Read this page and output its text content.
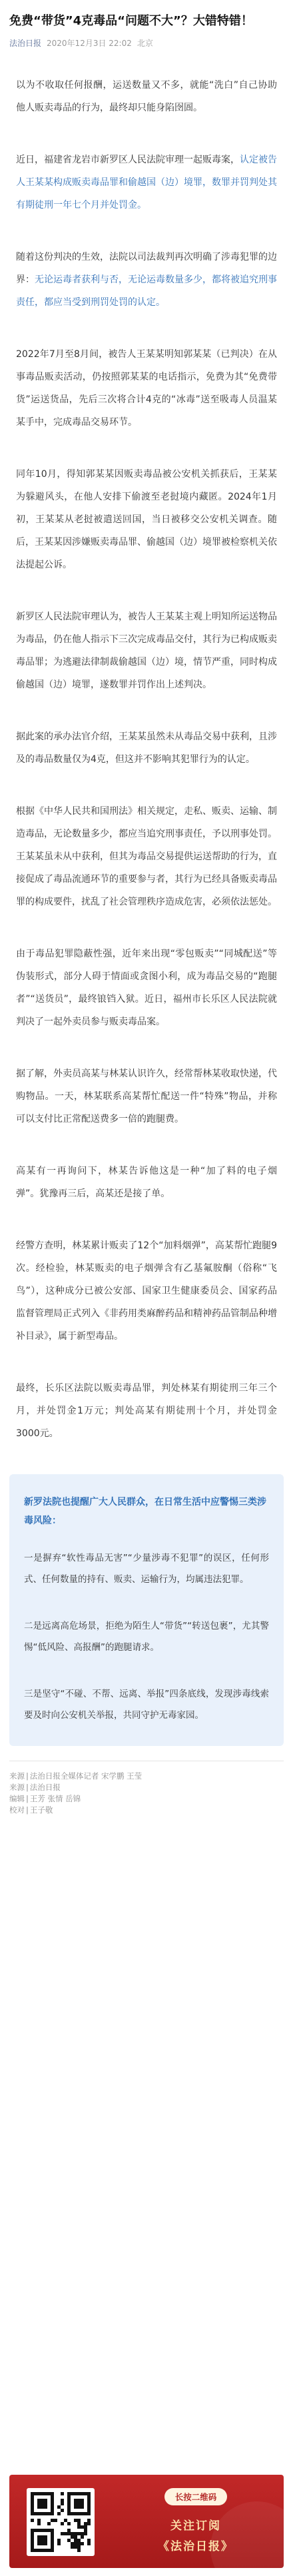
免费“带货”4克毒品“问题不大”？大错特错！
法治日报 2020年12月3日 22:02 北京

以为不收取任何报酬，运送数量又不多，就能“洗白”自己协助他人贩卖毒品的行为，最终却只能身陷囹圄。

近日，福建省龙岩市新罗区人民法院审理一起贩毒案，认定被告人王某某构成贩卖毒品罪和偷越国（边）境罪，数罪并罚判处其有期徒刑一年七个月并处罚金。

随着这份判决的生效，法院以司法裁判再次明确了涉毒犯罪的边界：无论运毒者获利与否，无论运毒数量多少，都将被追究刑事责任，都应当受到刑罚处罚的认定。

2022年7月至8月间，被告人王某某明知郭某某（已判决）在从事毒品贩卖活动，仍按照郭某某的电话指示，免费为其“免费带货”运送货品，先后三次将合计4克的“冰毒”送至吸毒人员温某某手中，完成毒品交易环节。

同年10月，得知郭某某因贩卖毒品被公安机关抓获后，王某某为躲避风头，在他人安排下偷渡至老挝境内藏匿。2024年1月初，王某某从老挝被遣送回国，当日被移交公安机关调查。随后，王某某因涉嫌贩卖毒品罪、偷越国（边）境罪被检察机关依法提起公诉。

新罗区人民法院审理认为，被告人王某某主观上明知所运送物品为毒品，仍在他人指示下三次完成毒品交付，其行为已构成贩卖毒品罪；为逃避法律制裁偷越国（边）境，情节严重，同时构成偷越国（边）境罪，遂数罪并罚作出上述判决。

据此案的承办法官介绍，王某某虽然未从毒品交易中获利，且涉及的毒品数量仅为4克，但这并不影响其犯罪行为的认定。

根据《中华人民共和国刑法》相关规定，走私、贩卖、运输、制造毒品，无论数量多少，都应当追究刑事责任，予以刑事处罚。王某某虽未从中获利，但其为毒品交易提供运送帮助的行为，直接促成了毒品流通环节的重要参与者，其行为已经具备贩卖毒品罪的构成要件，扰乱了社会管理秩序造成危害，必须依法惩处。

由于毒品犯罪隐蔽性强，近年来出现“零包贩卖”“同城配送”等伪装形式，部分人碍于情面或贪图小利，成为毒品交易的“跑腿者”“送货员”，最终锒铛入狱。近日，福州市长乐区人民法院就判决了一起外卖员参与贩卖毒品案。

据了解，外卖员高某与林某认识许久，经常帮林某收取快递，代购物品。一天，林某联系高某帮忙配送一件“特殊”物品，并称可以支付比正常配送费多一倍的跑腿费。

高某有一再询问下，林某告诉他这是一种“加了料的电子烟弹”。犹豫再三后，高某还是接了单。

经警方查明，林某累计贩卖了12个“加料烟弹”，高某帮忙跑腿9次。经检验，林某贩卖的电子烟弹含有乙基氟胺酮（俗称“飞鸟”），这种成分已被公安部、国家卫生健康委员会、国家药品监督管理局正式列入《非药用类麻醉药品和精神药品管制品种增补目录》，属于新型毒品。

最终，长乐区法院以贩卖毒品罪，判处林某有期徒刑三年三个月，并处罚金1万元；判处高某有期徒刑十个月，并处罚金3000元。

新罗法院也提醒广大人民群众，在日常生活中应警惕三类涉毒风险：

一是摒弃“软性毒品无害”“少量涉毒不犯罪”的误区，任何形式、任何数量的持有、贩卖、运输行为，均属违法犯罪。

二是远离高危场景，拒绝为陌生人“带货”“转送包裹”，尤其警惕“低风险、高报酬”的跑腿请求。

三是坚守“不碰、不帮、远离、举报”四条底线，发现涉毒线索要及时向公安机关举报，共同守护无毒家园。

来源 | 法治日报全媒体记者 宋学鹏 王莹
来源 | 法治日报
编辑 | 王芳 张情 岳锦
校对 | 王子敬
长按二维码
关注订阅
《法治日报》
